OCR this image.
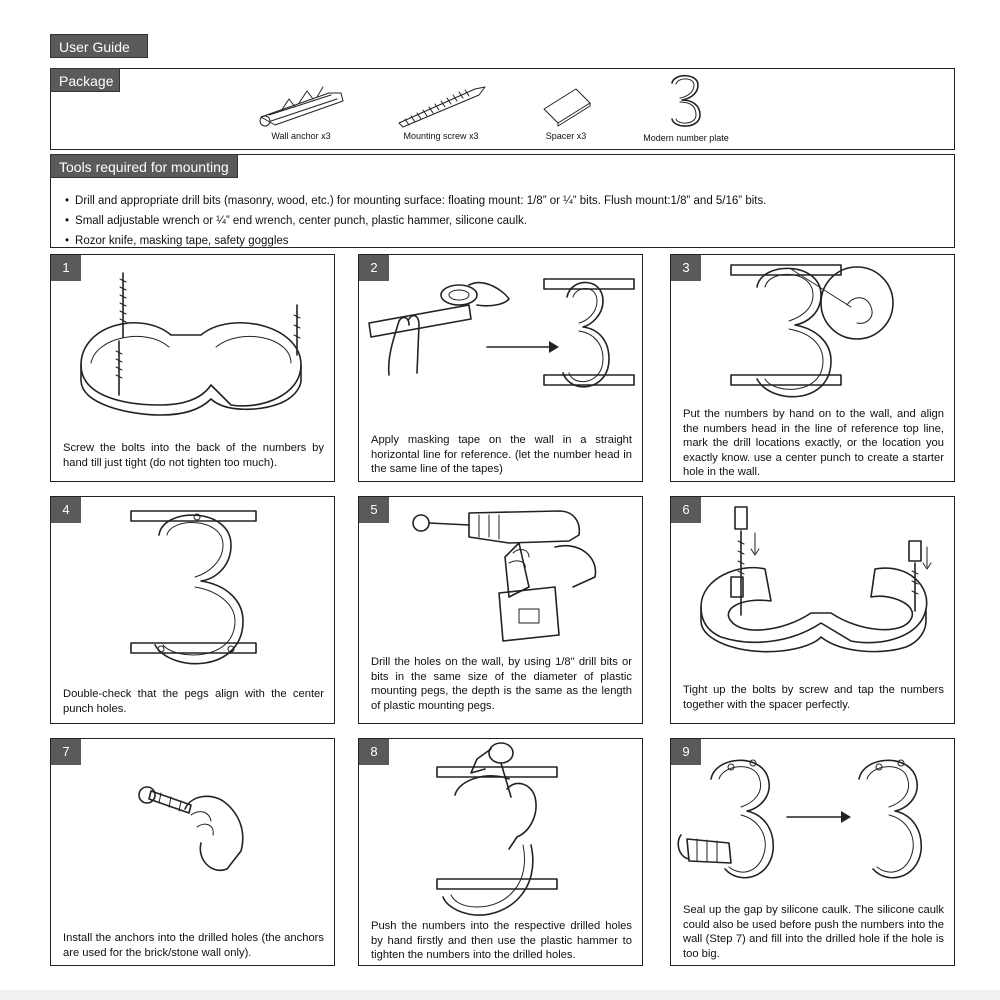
User Guide
Package
Wall anchor x3	Mounting screw x3	Spacer x3	Modern number plate
Tools required for mounting
• Drill and appropriate drill bits (masonry, wood, etc.) for mounting surface: floating mount: 1/8” or ¼” bits. Flush mount:1/8” and 5/16” bits.
• Small adjustable wrench or ¼” end wrench, center punch, plastic hammer, silicone caulk.
• Rozor knife, masking tape, safety goggles
1
Screw the bolts into the back of the numbers by hand till just tight (do not tighten too much).
2
Apply masking tape on the wall in a straight horizontal line for reference. (let the number head in the same line of the tapes)
3
Put the numbers by hand on to the wall, and align the numbers head in the line of reference top line, mark the drill locations exactly, or the location you exactly know. use a center punch to create a starter hole in the wall.
4
Double-check that the pegs align with the center punch holes.
5
Drill the holes on the wall, by using 1/8" drill bits or bits in the same size of the diameter of plastic mounting pegs, the depth is the same as the length of plastic mounting pegs.
6
Tight up the bolts by screw and tap the numbers together with the spacer perfectly.
7
Install the anchors into the drilled holes (the anchors are used for the brick/stone wall only).
8
Push the numbers into the respective drilled holes by hand firstly and then use the plastic hammer to tighten the numbers into the drilled holes.
9
Seal up the gap by silicone caulk. The silicone caulk could also be used before push the numbers into the wall (Step 7) and fill into the drilled hole if the hole is too big.
